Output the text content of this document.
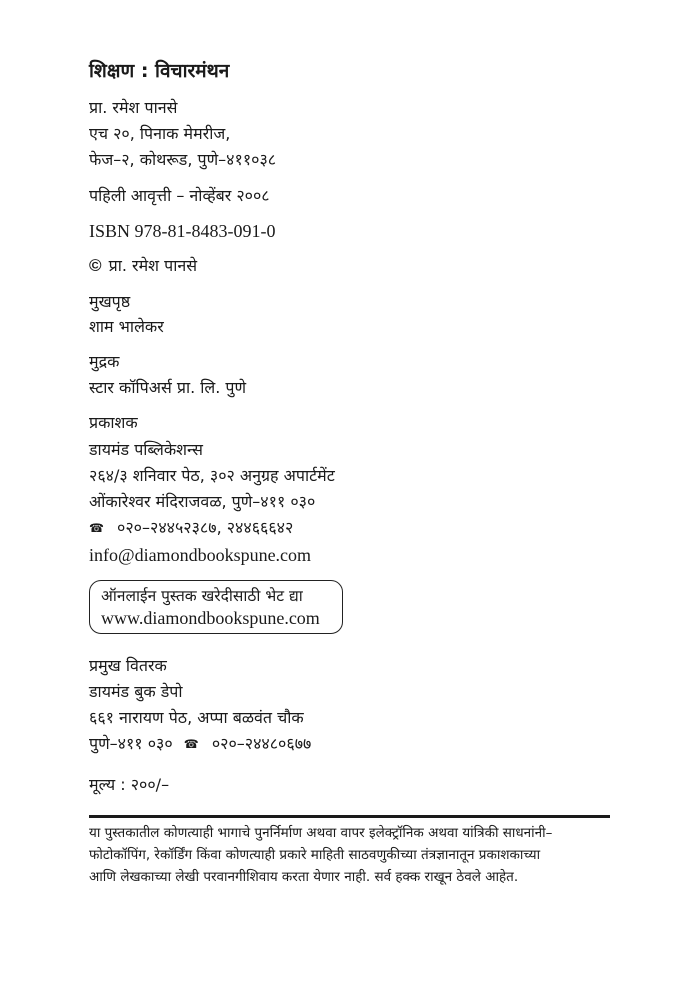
शिक्षण : विचारमंथन
प्रा. रमेश पानसे
एच २०, पिनाक मेमरीज,
फेज–२, कोथरूड, पुणे–४११०३८
पहिली आवृत्ती – नोव्हेंबर २००८
ISBN 978-81-8483-091-0
© प्रा. रमेश पानसे
मुखपृष्ठ
शाम भालेकर
मुद्रक
स्टार कॉपिअर्स प्रा. लि. पुणे
प्रकाशक
डायमंड पब्लिकेशन्स
२६४/३ शनिवार पेठ, ३०२ अनुग्रह अपार्टमेंट
ओंकारेश्वर मंदिराजवळ, पुणे–४११ ०३०
☎ ०२०–२४४५२३८७, २४४६६६४२
info@diamondbookspune.com
ऑनलाईन पुस्तक खरेदीसाठी भेट द्या
www.diamondbookspune.com
प्रमुख वितरक
डायमंड बुक डेपो
६६१ नारायण पेठ, अप्पा बळवंत चौक
पुणे–४११ ०३० ☎ ०२०–२४४८०६७७
मूल्य : २००/–
या पुस्तकातील कोणत्याही भागाचे पुनर्निर्माण अथवा वापर इलेक्ट्रॉनिक अथवा यांत्रिकी साधनांनी–
फोटोकॉपिंग, रेकॉर्डिंग किंवा कोणत्याही प्रकारे माहिती साठवणुकीच्या तंत्रज्ञानातून प्रकाशकाच्या
आणि लेखकाच्या लेखी परवानगीशिवाय करता येणार नाही. सर्व हक्क राखून ठेवले आहेत.
